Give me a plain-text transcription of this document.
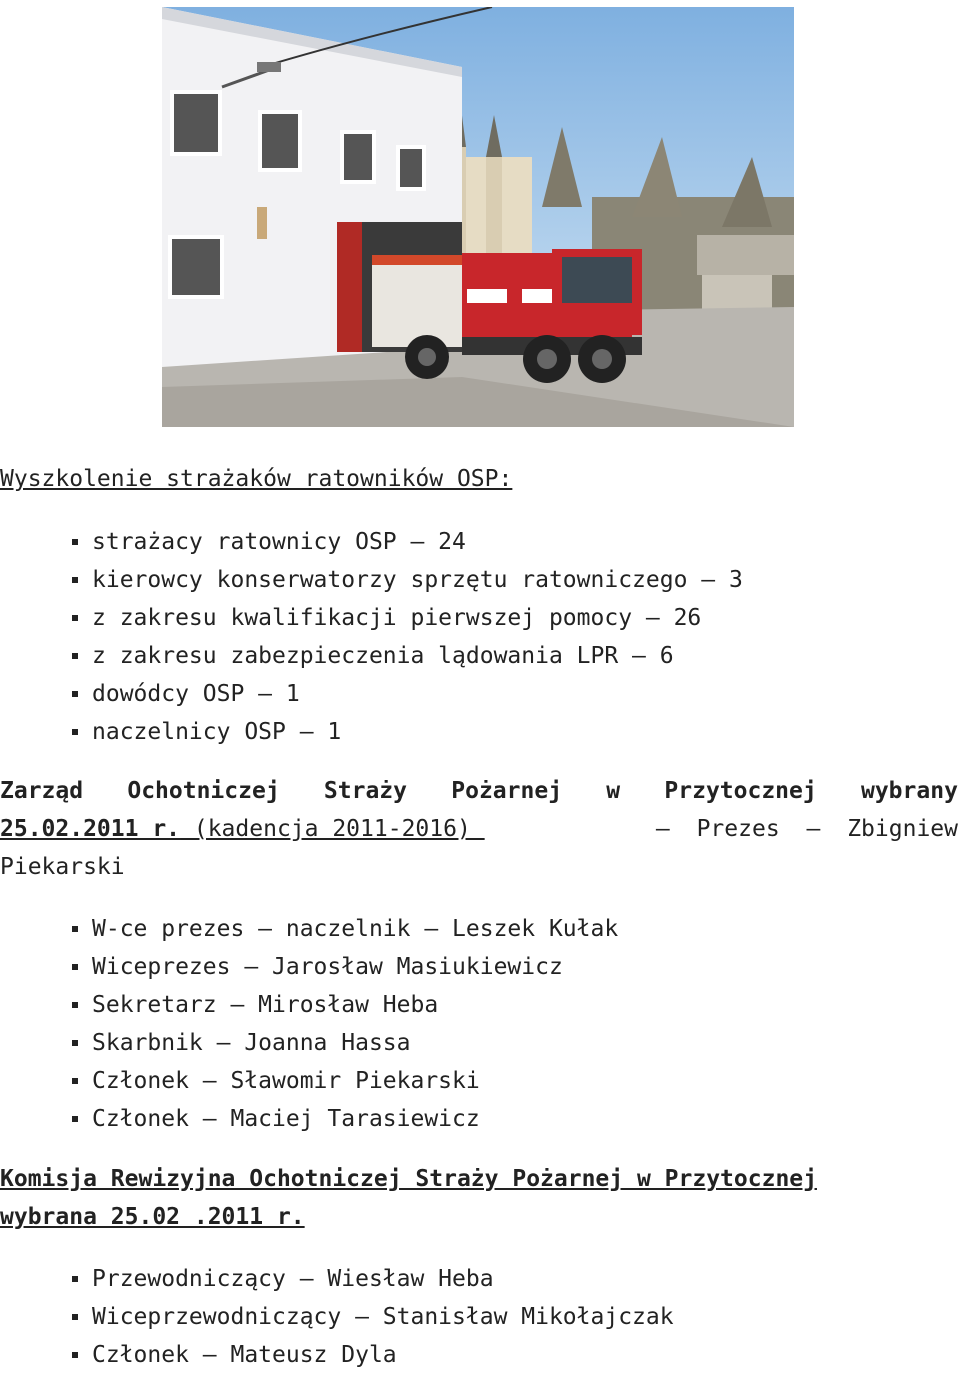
Wyszkolenie strażaków ratowników OSP:
strażacy ratownicy OSP – 24
kierowcy konserwatorzy sprzętu ratowniczego – 3
z zakresu kwalifikacji pierwszej pomocy – 26
z zakresu zabezpieczenia lądowania LPR – 6
dowódcy OSP – 1
naczelnicy OSP – 1
Zarząd Ochotniczej Straży Pożarnej w Przytocznej wybrany
25.02.2011 r. (kadencja 2011-2016)	– Prezes – Zbigniew
Piekarski
W-ce prezes – naczelnik – Leszek Kułak
Wiceprezes – Jarosław Masiukiewicz
Sekretarz – Mirosław Heba
Skarbnik – Joanna Hassa
Członek – Sławomir Piekarski
Członek – Maciej Tarasiewicz
Komisja Rewizyjna Ochotniczej Straży Pożarnej w Przytocznej
wybrana 25.02 .2011 r.
Przewodniczący – Wiesław Heba
Wiceprzewodniczący – Stanisław Mikołajczak
Członek – Mateusz Dyla
